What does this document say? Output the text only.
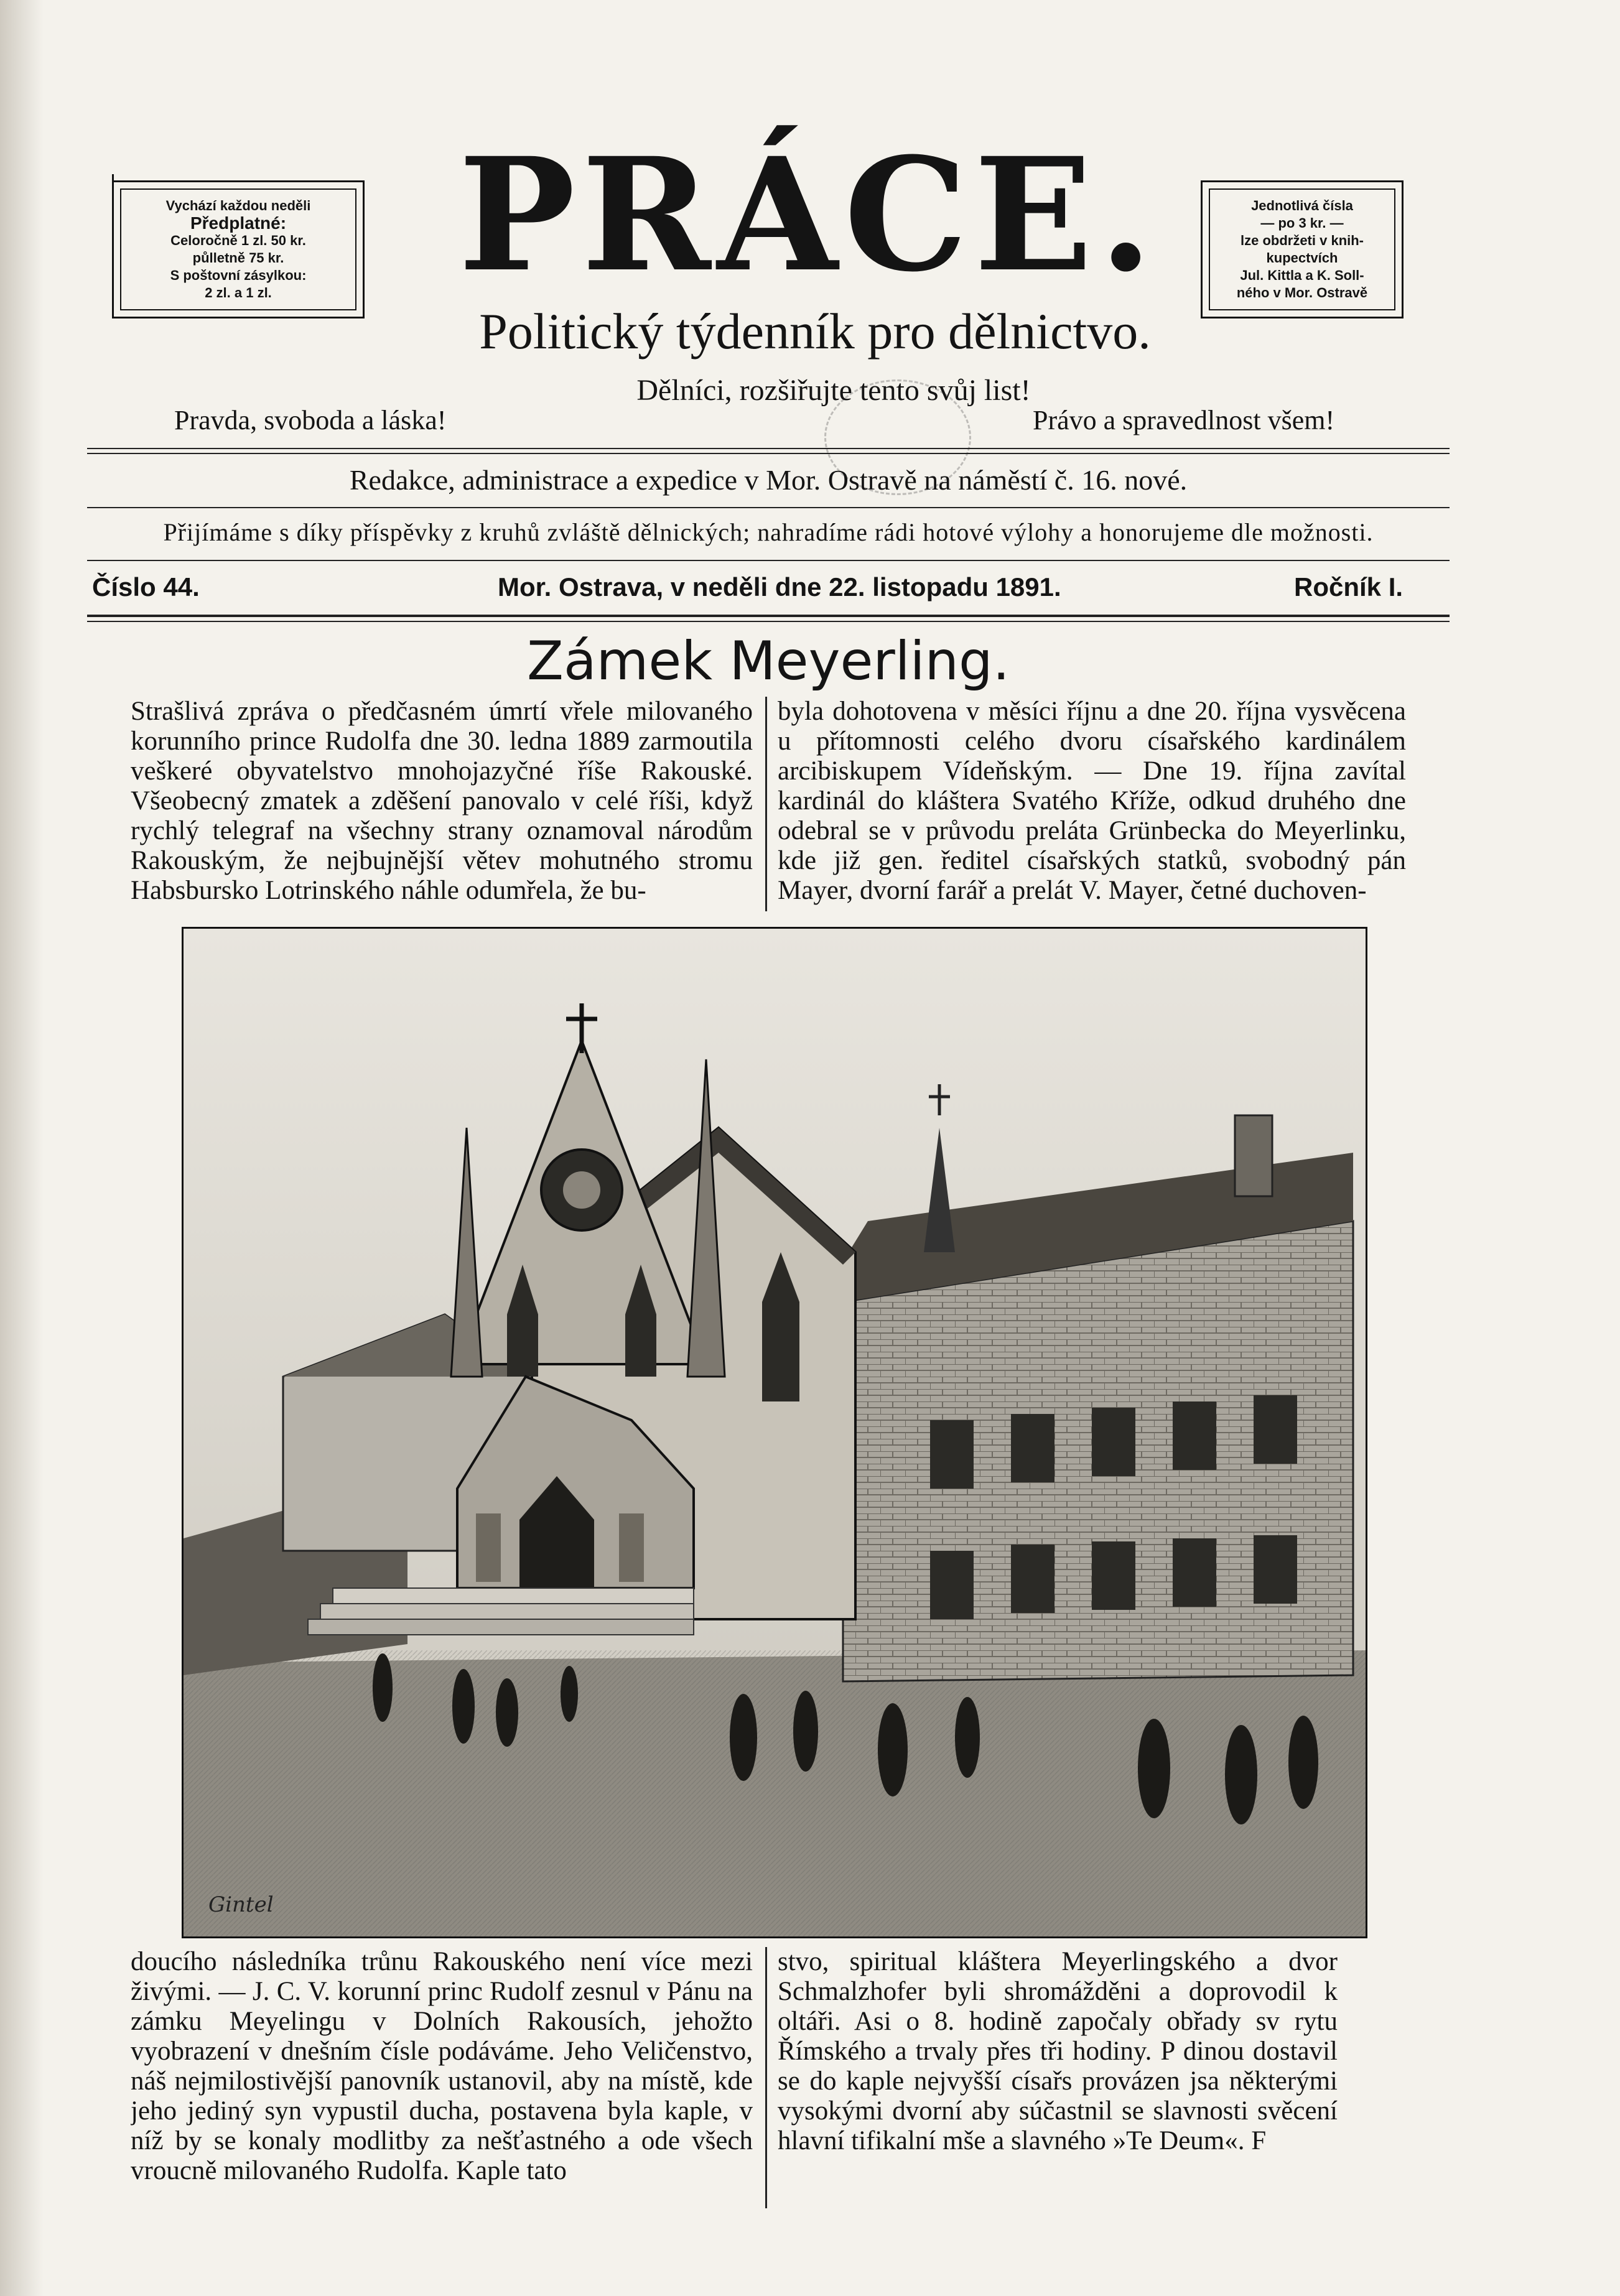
Vychází každou neděli
Předplatné:
Celoročně 1 zl. 50 kr.
půlletně 75 kr.
S poštovní zásylkou:
2 zl. a 1 zl.
Jednotlivá čísla
— po 3 kr. —
lze obdržeti v knih-
kupectvích
Jul. Kittla a K. Soll-
ného v Mor. Ostravě
PRÁCE.
Politický týdenník pro dělnictvo.
Dělníci, rozšiřujte tento svůj list!
Pravda, svoboda a láska!	Právo a spravedlnost všem!
Redakce, administrace a expedice v Mor. Ostravě na náměstí č. 16. nové.
Přijímáme s díky příspěvky z kruhů zvláště dělnických; nahradíme rádi hotové výlohy a honorujeme dle možnosti.
Číslo 44.	Mor. Ostrava, v neděli dne 22. listopadu 1891.	Ročník I.
Zámek Meyerling.
Strašlivá zpráva o předčasném úmrtí vřele milovaného korunního prince Rudolfa dne 30. ledna 1889 zarmoutila veškeré obyvatelstvo mnohojazyčné říše Rakouské. Všeobecný zmatek a zděšení panovalo v celé říši, když rychlý telegraf na všechny strany oznamoval národům Rakouským, že nejbujnější větev mohutného stromu Habsbursko Lotrinského náhle odumřela, že bu-
byla dohotovena v měsíci říjnu a dne 20. října vysvěcena u přítomnosti celého dvoru císařského kardinálem arcibiskupem Vídeňským. — Dne 19. října zavítal kardinál do kláštera Svatého Kříže, odkud druhého dne odebral se v průvodu preláta Grünbecka do Meyerlinku, kde již gen. ředitel císařských statků, svobodný pán Mayer, dvorní farář a prelát V. Mayer, četné duchoven-
Gintel
doucího následníka trůnu Rakouského není více mezi živými. — J. C. V. korunní princ Rudolf zesnul v Pánu na zámku Meyelingu v Dolních Rakousích, jehožto vyobrazení v dnešním čísle podáváme. Jeho Veličenstvo, náš nejmilostivější panovník ustanovil, aby na místě, kde jeho jediný syn vypustil ducha, postavena byla kaple, v níž by se konaly modlitby za nešťastného a ode všech vroucně milovaného Rudolfa. Kaple tato
stvo, spiritual kláštera Meyerlingského a dvor Schmalzhofer byli shromážděni a doprovodil k oltáři. Asi o 8. hodině započaly obřady sv rytu Římského a trvaly přes tři hodiny. P dinou dostavil se do kaple nejvyšší císařs provázen jsa některými vysokými dvorní aby súčastnil se slavnosti svěcení hlavní tifikalní mše a slavného »Te Deum«. F
